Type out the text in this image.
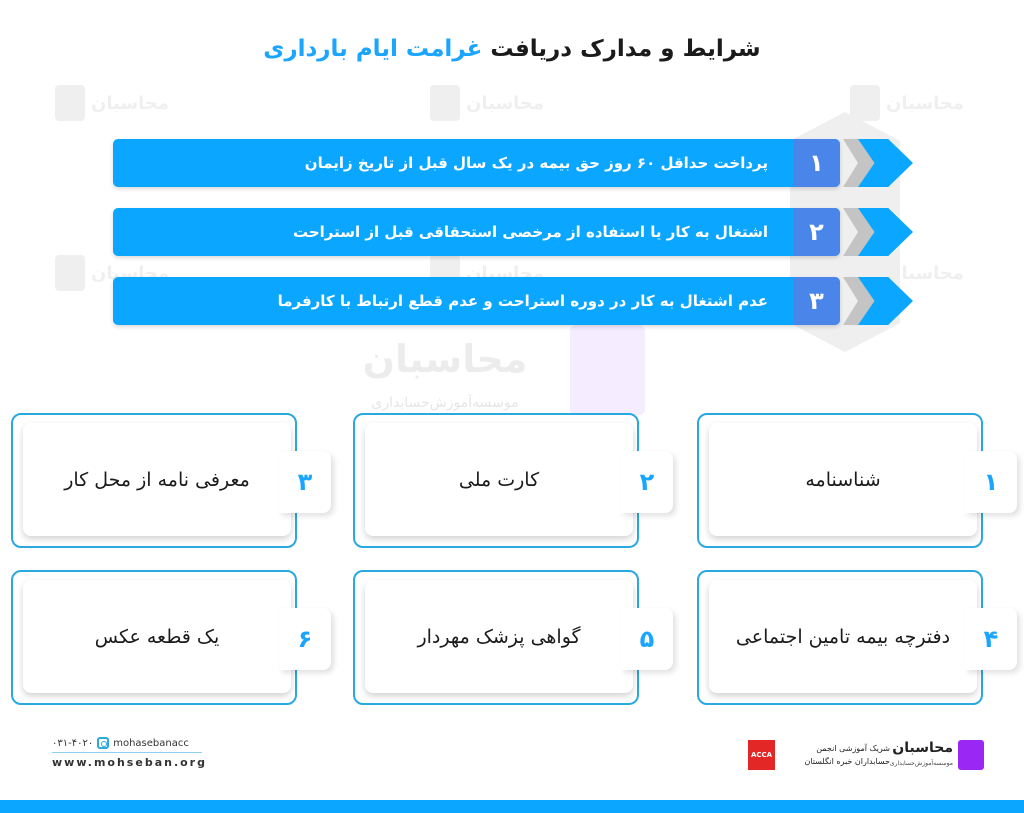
محاسبان	محاسبان	محاسبان
محاسبان	محاسبان	محاسبان
محاسبان
موسسه‌آموزش‌حسابداری
شرایط و مدارک دریافت غرامت ایام بارداری
پرداخت حداقل ۶۰ روز حق بیمه در یک سال قبل از تاریخ زایمان	۱
اشتغال به کار یا استفاده از مرخصی استحقاقی قبل از استراحت	۲
عدم اشتغال به کار در دوره استراحت و عدم قطع ارتباط با کارفرما	۳
شناسنامه	۱
کارت ملی	۲
معرفی نامه از محل کار	۳
دفترچه بیمه تامین اجتماعی	۴
گواهی پزشک مهردار	۵
یک قطعه عکس	۶
۰۳۱-۴۰۲۰ mohasebanacc
www.mohseban.org
ACCA
شریک آموزشی انجمن
حسابداران خبره انگلستان
محاسبان
موسسه‌آموزش‌حسابداری
